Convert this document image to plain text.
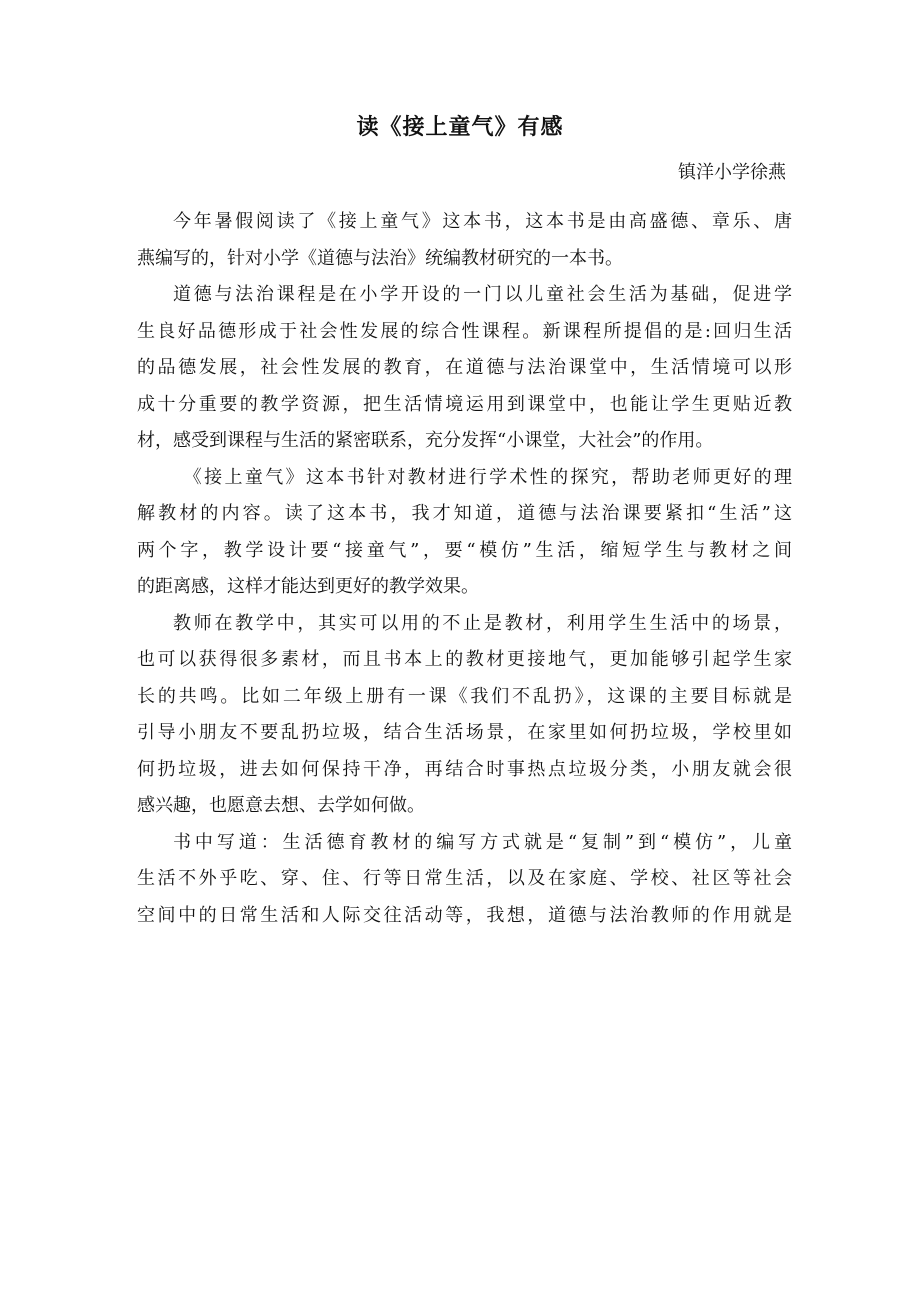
读《接上童气》有感
镇洋小学徐燕
今年暑假阅读了《接上童气》这本书，这本书是由高盛德、章乐、唐
燕编写的，针对小学《道德与法治》统编教材研究的一本书。
道德与法治课程是在小学开设的一门以儿童社会生活为基础，促进学
生良好品德形成于社会性发展的综合性课程。新课程所提倡的是:回归生活
的品德发展，社会性发展的教育，在道德与法治课堂中，生活情境可以形
成十分重要的教学资源，把生活情境运用到课堂中，也能让学生更贴近教
材，感受到课程与生活的紧密联系，充分发挥“小课堂，大社会”的作用。
《接上童气》这本书针对教材进行学术性的探究，帮助老师更好的理
解教材的内容。读了这本书，我才知道，道德与法治课要紧扣“生活”这
两个字，教学设计要“接童气”，要“模仿”生活，缩短学生与教材之间
的距离感，这样才能达到更好的教学效果。
教师在教学中，其实可以用的不止是教材，利用学生生活中的场景，
也可以获得很多素材，而且书本上的教材更接地气，更加能够引起学生家
长的共鸣。比如二年级上册有一课《我们不乱扔》，这课的主要目标就是
引导小朋友不要乱扔垃圾，结合生活场景，在家里如何扔垃圾，学校里如
何扔垃圾，进去如何保持干净，再结合时事热点垃圾分类，小朋友就会很
感兴趣，也愿意去想、去学如何做。
书中写道：生活德育教材的编写方式就是“复制”到“模仿”，儿童
生活不外乎吃、穿、住、行等日常生活，以及在家庭、学校、社区等社会
空间中的日常生活和人际交往活动等，我想，道德与法治教师的作用就是
